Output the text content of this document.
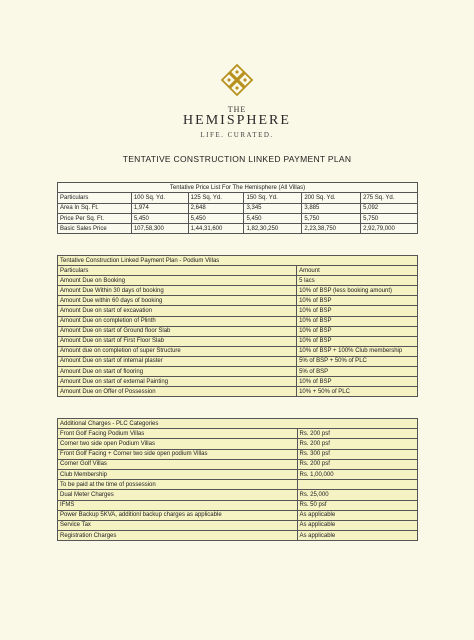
THE
HEMISPHERE
LIFE. CURATED.
TENTATIVE CONSTRUCTION LINKED PAYMENT PLAN
Tentative Price List For The Hemisphere (All Villas)					
Particulars	100 Sq. Yd.	125 Sq. Yd.	150 Sq. Yd.	200 Sq. Yd.	275 Sq. Yd.
Area In Sq. Ft.	1,974	2,648	3,345	3,885	5,092
Price Per Sq. Ft.	5,450	5,450	5,450	5,750	5,750
Basic Sales Price	107,58,300	1,44,31,600	1,82,30,250	2,23,38,750	2,92,79,000
Tentative Construction Linked Payment Plan - Podium Villas	
Particulars	Amount
Amount Due on Booking	5 lacs
Amount Due Within 30 days of booking	10% of BSP (less booking amount)
Amount Due within 60 days of booking	10% of BSP
Amount Due on start of excavation	10% of BSP
Amount Due on completion of Plinth	10% of BSP
Amount Due on start of Ground floor Slab	10% of BSP
Amount Due on start of First Floor Slab	10% of BSP
Amount due on completion of super Structure	10% of BSP + 100% Club membership
Amount Due on start of internal plaster	5% of BSP + 50% of PLC
Amount Due on start of flooring	5% of BSP
Amount Due on start of external Painting	10% of BSP
Amount Due on Offer of Possession	10% + 50% of PLC
Additional Charges - PLC Categories	
Front Golf Facing Podium Villas	Rs. 200 psf
Corner two side open Podium Villas	Rs. 200 psf
Front Golf Facing + Corner two side open podium Villas	Rs. 300 psf
Corner Golf Villas	Rs. 200 psf
Club Membership	Rs. 1,00,000
To be paid at the time of possession	
Dual Meter Charges	Rs. 25,000
IFMS	Rs. 50 psf
Power Backup 5KVA, additionl backup charges as applicable	As applicable
Service Tax	As applicable
Registration Charges	As applicable
